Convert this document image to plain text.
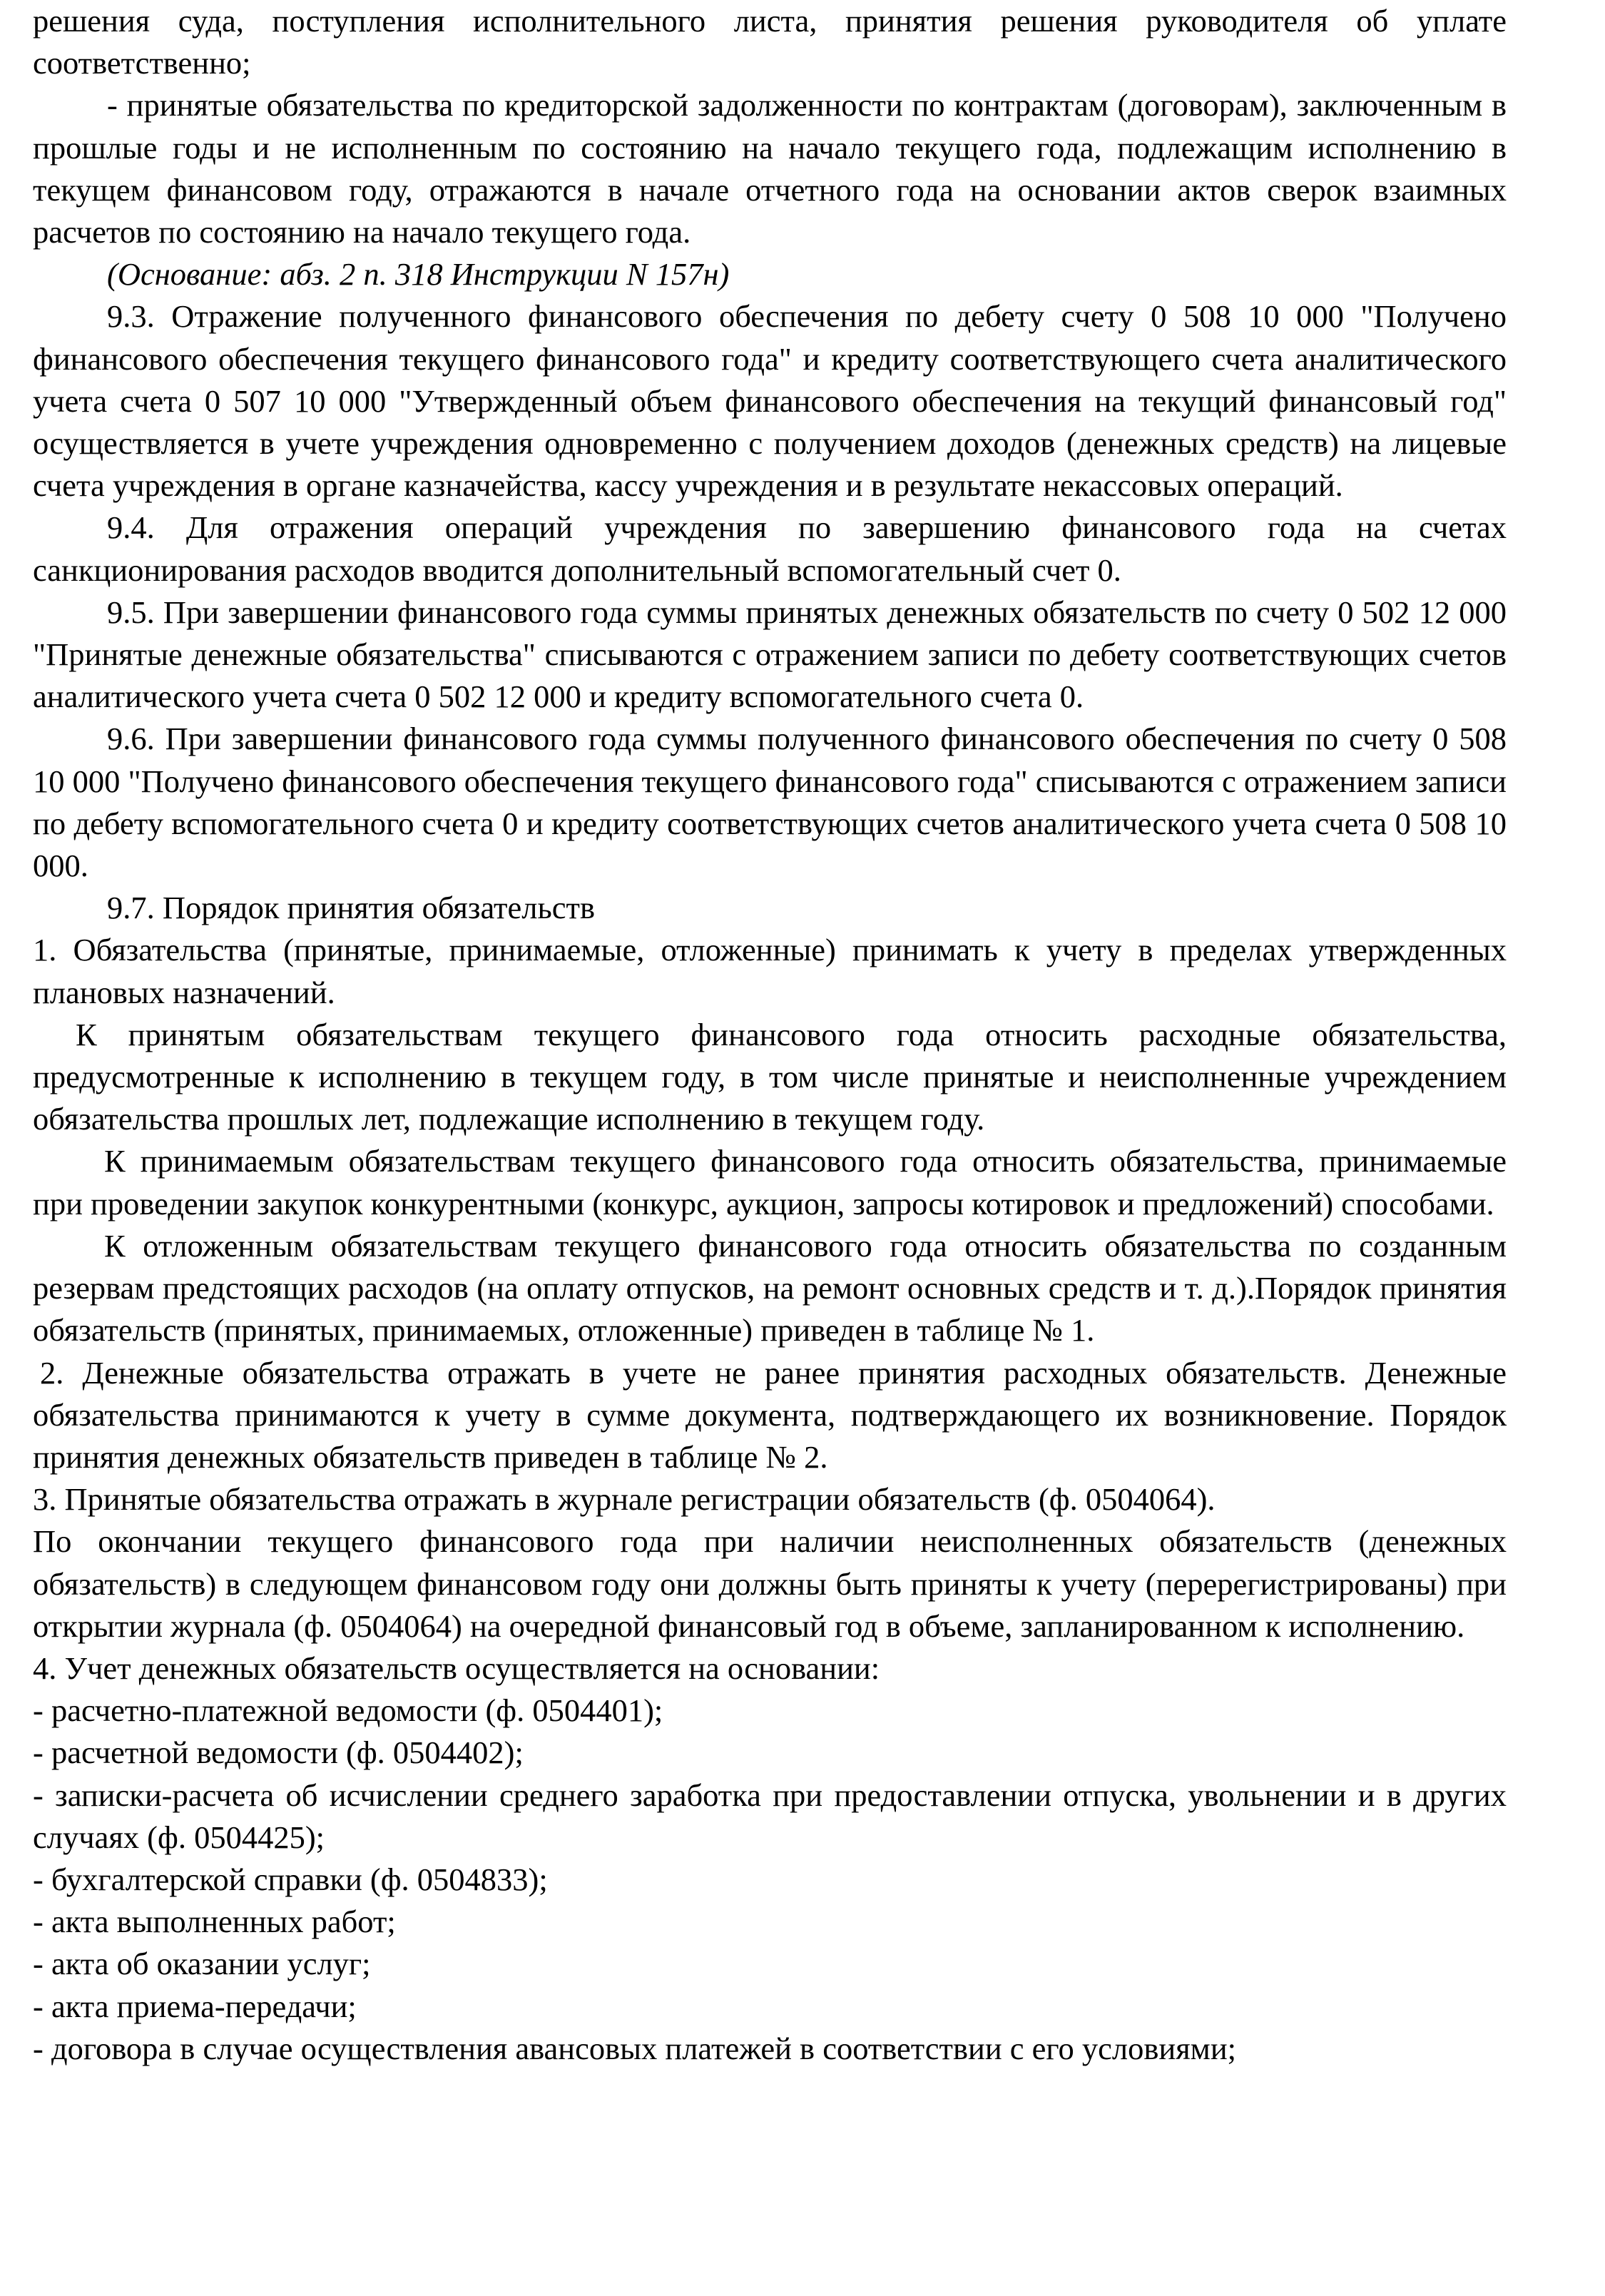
решения суда, поступления исполнительного листа, принятия решения руководителя об уплате соответственно;

- принятые обязательства по кредиторской задолженности по контрактам (договорам), заключенным в прошлые годы и не исполненным по состоянию на начало текущего года, подлежащим исполнению в текущем финансовом году, отражаются в начале отчетного года на основании актов сверок взаимных расчетов по состоянию на начало текущего года.

(Основание: абз. 2 п. 318 Инструкции N 157н)

9.3. Отражение полученного финансового обеспечения по дебету счету 0 508 10 000 "Получено финансового обеспечения текущего финансового года" и кредиту соответствующего счета аналитического учета счета 0 507 10 000 "Утвержденный объем финансового обеспечения на текущий финансовый год" осуществляется в учете учреждения одновременно с получением доходов (денежных средств) на лицевые счета учреждения в органе казначейства, кассу учреждения и в результате некассовых операций.

9.4. Для отражения операций учреждения по завершению финансового года на счетах санкционирования расходов вводится дополнительный вспомогательный счет 0.

9.5. При завершении финансового года суммы принятых денежных обязательств по счету 0 502 12 000 "Принятые денежные обязательства" списываются с отражением записи по дебету соответствующих счетов аналитического учета счета 0 502 12 000 и кредиту вспомогательного счета 0.

9.6. При завершении финансового года суммы полученного финансового обеспечения по счету 0 508 10 000 "Получено финансового обеспечения текущего финансового года" списываются с отражением записи по дебету вспомогательного счета 0 и кредиту соответствующих счетов аналитического учета счета 0 508 10 000.

9.7. Порядок принятия обязательств

1. Обязательства (принятые, принимаемые, отложенные) принимать к учету в пределах утвержденных плановых назначений.

К принятым обязательствам текущего финансового года относить расходные обязательства, предусмотренные к исполнению в текущем году, в том числе принятые и неисполненные учреждением обязательства прошлых лет, подлежащие исполнению в текущем году.

К принимаемым обязательствам текущего финансового года относить обязательства, принимаемые при проведении закупок конкурентными (конкурс, аукцион, запросы котировок и предложений) способами.

К отложенным обязательствам текущего финансового года относить обязательства по созданным резервам предстоящих расходов (на оплату отпусков, на ремонт основных средств и т. д.).Порядок принятия обязательств (принятых, принимаемых, отложенные) приведен в таблице № 1.

2. Денежные обязательства отражать в учете не ранее принятия расходных обязательств. Денежные обязательства принимаются к учету в сумме документа, подтверждающего их возникновение. Порядок принятия денежных обязательств приведен в таблице № 2.

3. Принятые обязательства отражать в журнале регистрации обязательств (ф. 0504064).

По окончании текущего финансового года при наличии неисполненных обязательств (денежных обязательств) в следующем финансовом году они должны быть приняты к учету (перерегистрированы) при открытии журнала (ф. 0504064) на очередной финансовый год в объеме, запланированном к исполнению.

4. Учет денежных обязательств осуществляется на основании:

- расчетно-платежной ведомости (ф. 0504401);

- расчетной ведомости (ф. 0504402);

- записки-расчета об исчислении среднего заработка при предоставлении отпуска, увольнении и в других случаях (ф. 0504425);

- бухгалтерской справки (ф. 0504833);

- акта выполненных работ;

- акта об оказании услуг;

- акта приема-передачи;

- договора в случае осуществления авансовых платежей в соответствии с его условиями;
